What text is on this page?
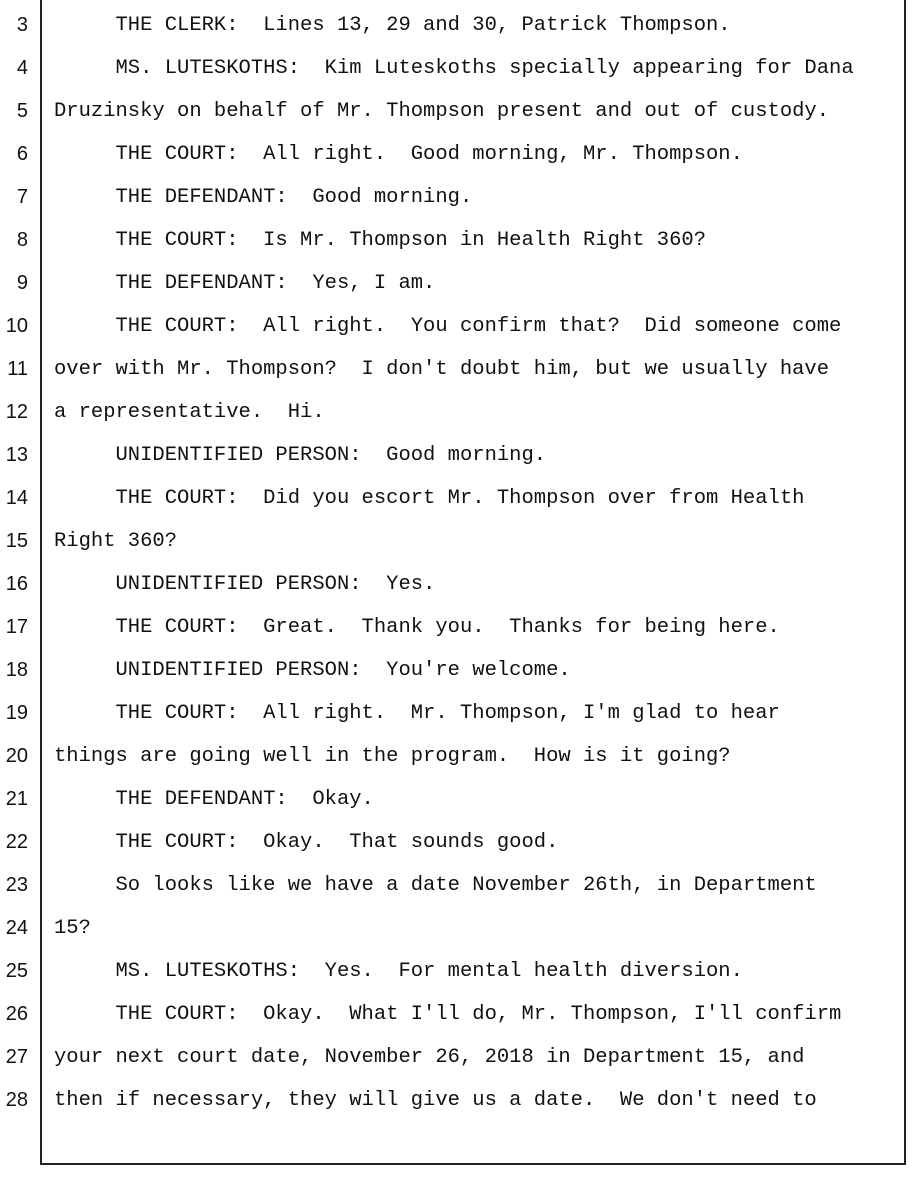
3 THE CLERK:  Lines 13, 29 and 30, Patrick Thompson.
4 MS. LUTESKOTHS:  Kim Luteskoths specially appearing for Dana
5 Druzinsky on behalf of Mr. Thompson present and out of custody.
6 THE COURT:  All right.  Good morning, Mr. Thompson.
7 THE DEFENDANT:  Good morning.
8 THE COURT:  Is Mr. Thompson in Health Right 360?
9 THE DEFENDANT:  Yes, I am.
10 THE COURT:  All right.  You confirm that?  Did someone come
11 over with Mr. Thompson?  I don't doubt him, but we usually have
12 a representative.  Hi.
13 UNIDENTIFIED PERSON:  Good morning.
14 THE COURT:  Did you escort Mr. Thompson over from Health
15 Right 360?
16 UNIDENTIFIED PERSON:  Yes.
17 THE COURT:  Great.  Thank you.  Thanks for being here.
18 UNIDENTIFIED PERSON:  You're welcome.
19 THE COURT:  All right.  Mr. Thompson, I'm glad to hear
20 things are going well in the program.  How is it going?
21 THE DEFENDANT:  Okay.
22 THE COURT:  Okay.  That sounds good.
23 So looks like we have a date November 26th, in Department
24 15?
25 MS. LUTESKOTHS:  Yes.  For mental health diversion.
26 THE COURT:  Okay.  What I'll do, Mr. Thompson, I'll confirm
27 your next court date, November 26, 2018 in Department 15, and
28 then if necessary, they will give us a date.  We don't need to
